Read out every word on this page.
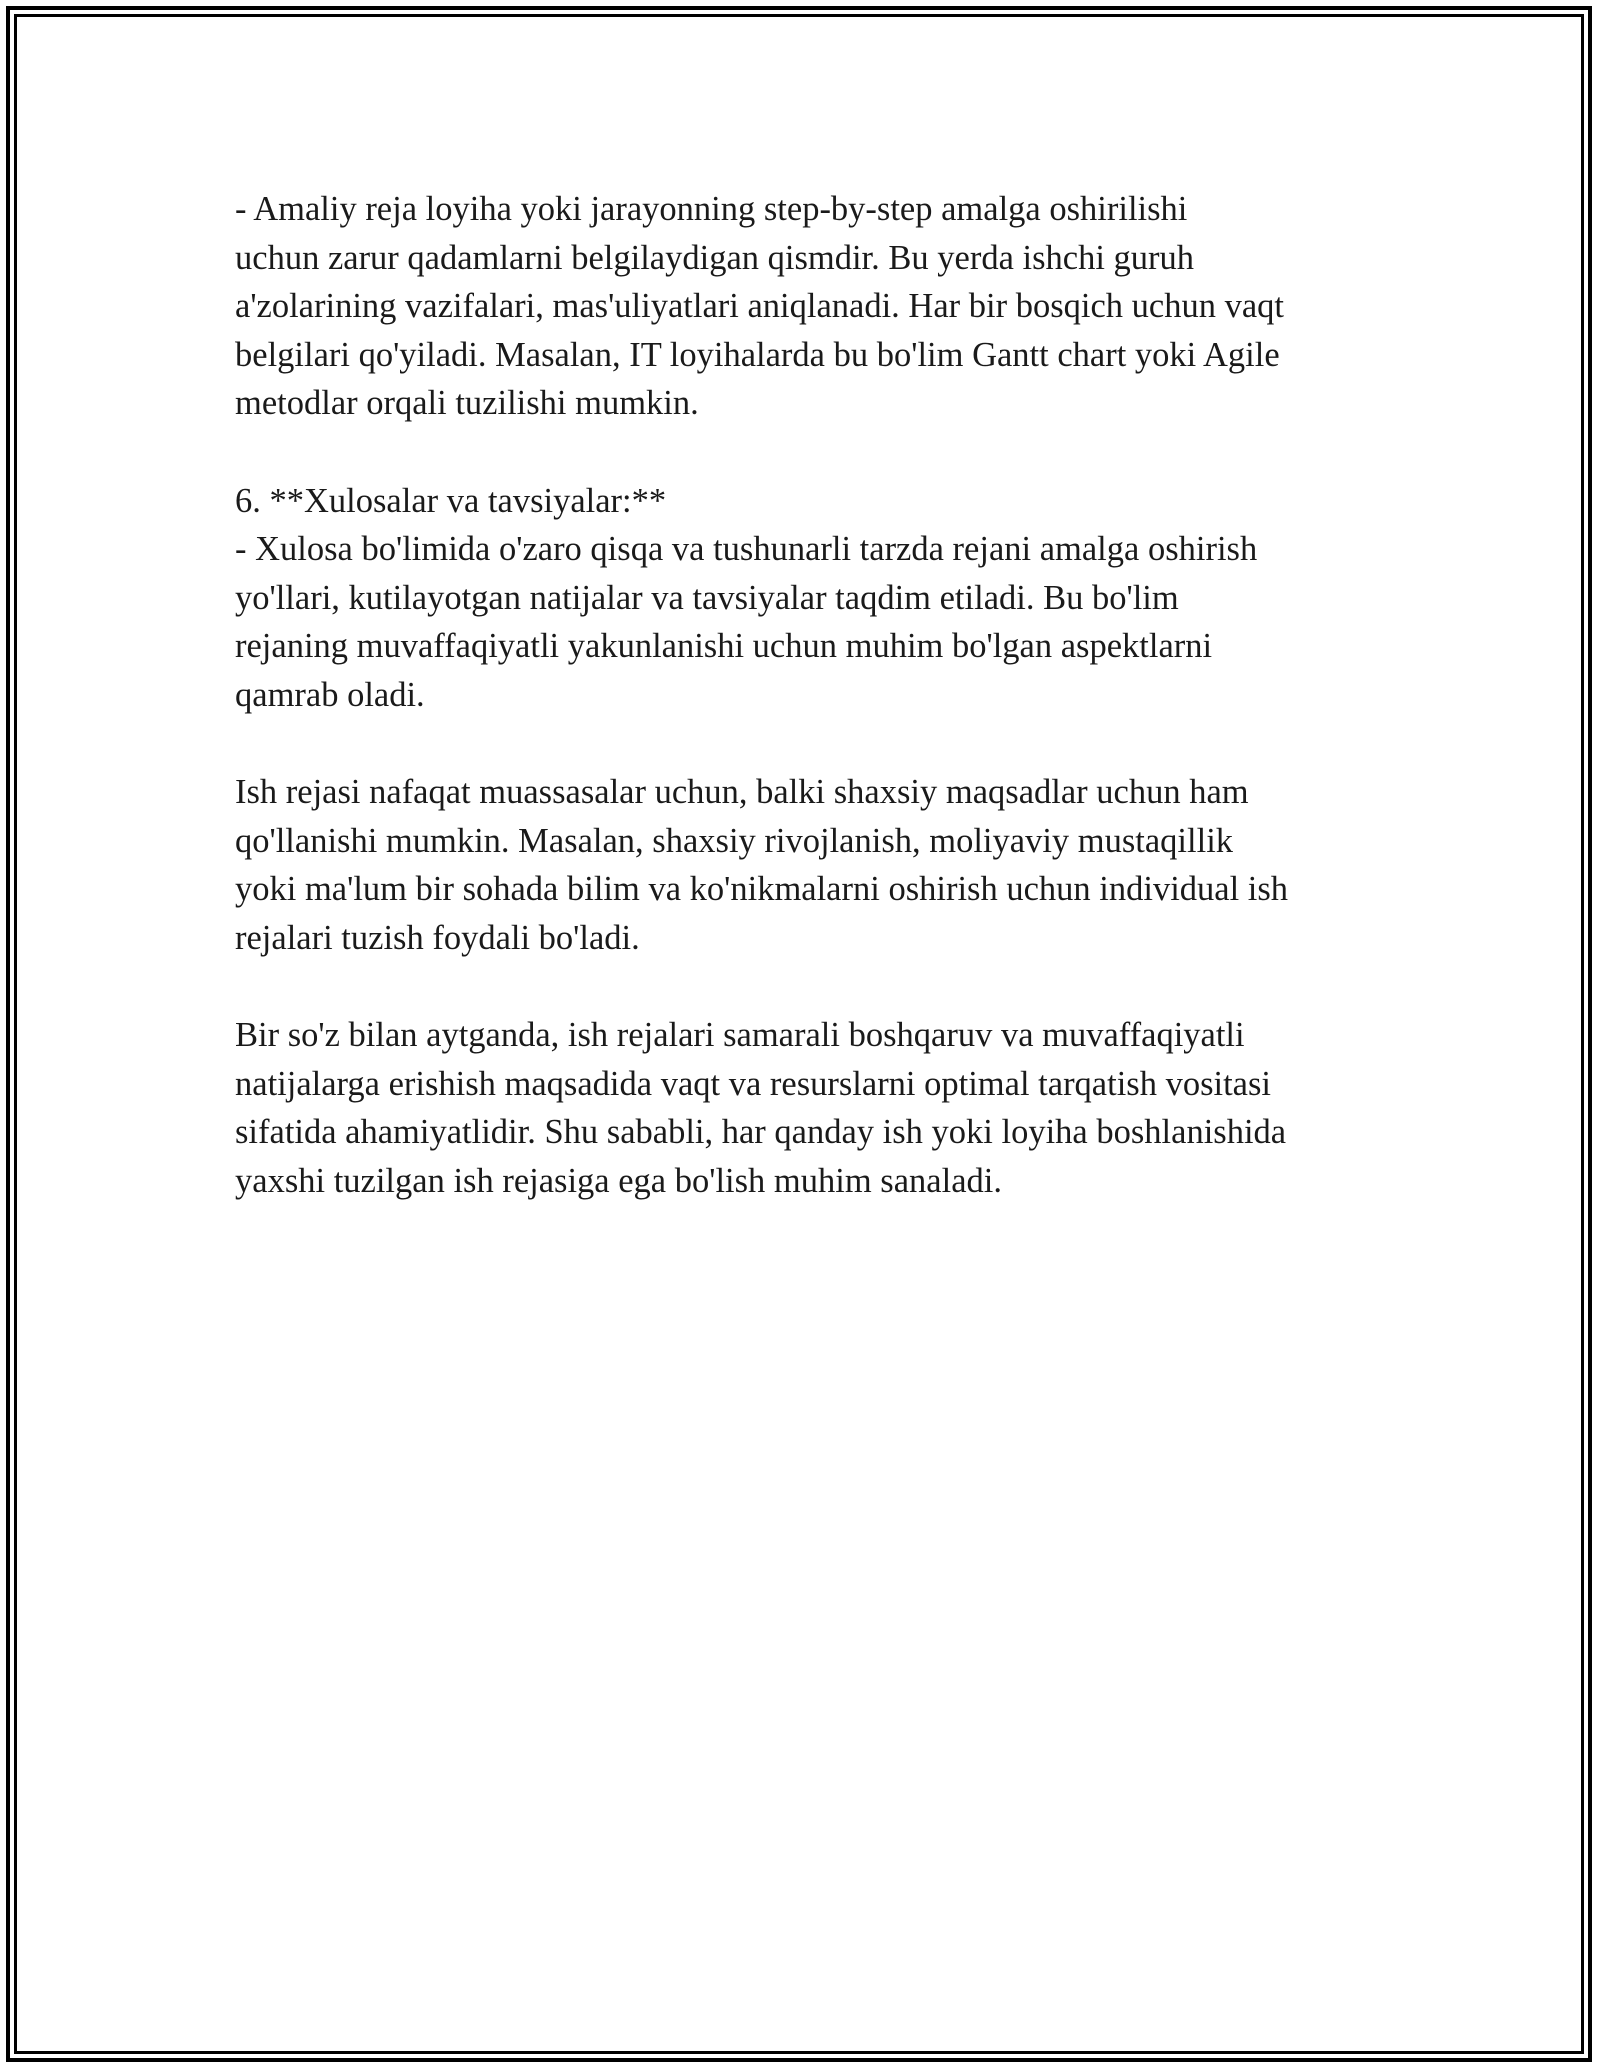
- Amaliy reja loyiha yoki jarayonning step-by-step amalga oshirilishi
uchun zarur qadamlarni belgilaydigan qismdir. Bu yerda ishchi guruh
a'zolarining vazifalari, mas'uliyatlari aniqlanadi. Har bir bosqich uchun vaqt
belgilari qo'yiladi. Masalan, IT loyihalarda bu bo'lim Gantt chart yoki Agile
metodlar orqali tuzilishi mumkin.

6. **Xulosalar va tavsiyalar:**
- Xulosa bo'limida o'zaro qisqa va tushunarli tarzda rejani amalga oshirish
yo'llari, kutilayotgan natijalar va tavsiyalar taqdim etiladi. Bu bo'lim
rejaning muvaffaqiyatli yakunlanishi uchun muhim bo'lgan aspektlarni
qamrab oladi.

Ish rejasi nafaqat muassasalar uchun, balki shaxsiy maqsadlar uchun ham
qo'llanishi mumkin. Masalan, shaxsiy rivojlanish, moliyaviy mustaqillik
yoki ma'lum bir sohada bilim va ko'nikmalarni oshirish uchun individual ish
rejalari tuzish foydali bo'ladi.

Bir so'z bilan aytganda, ish rejalari samarali boshqaruv va muvaffaqiyatli
natijalarga erishish maqsadida vaqt va resurslarni optimal tarqatish vositasi
sifatida ahamiyatlidir. Shu sababli, har qanday ish yoki loyiha boshlanishida
yaxshi tuzilgan ish rejasiga ega bo'lish muhim sanaladi.
